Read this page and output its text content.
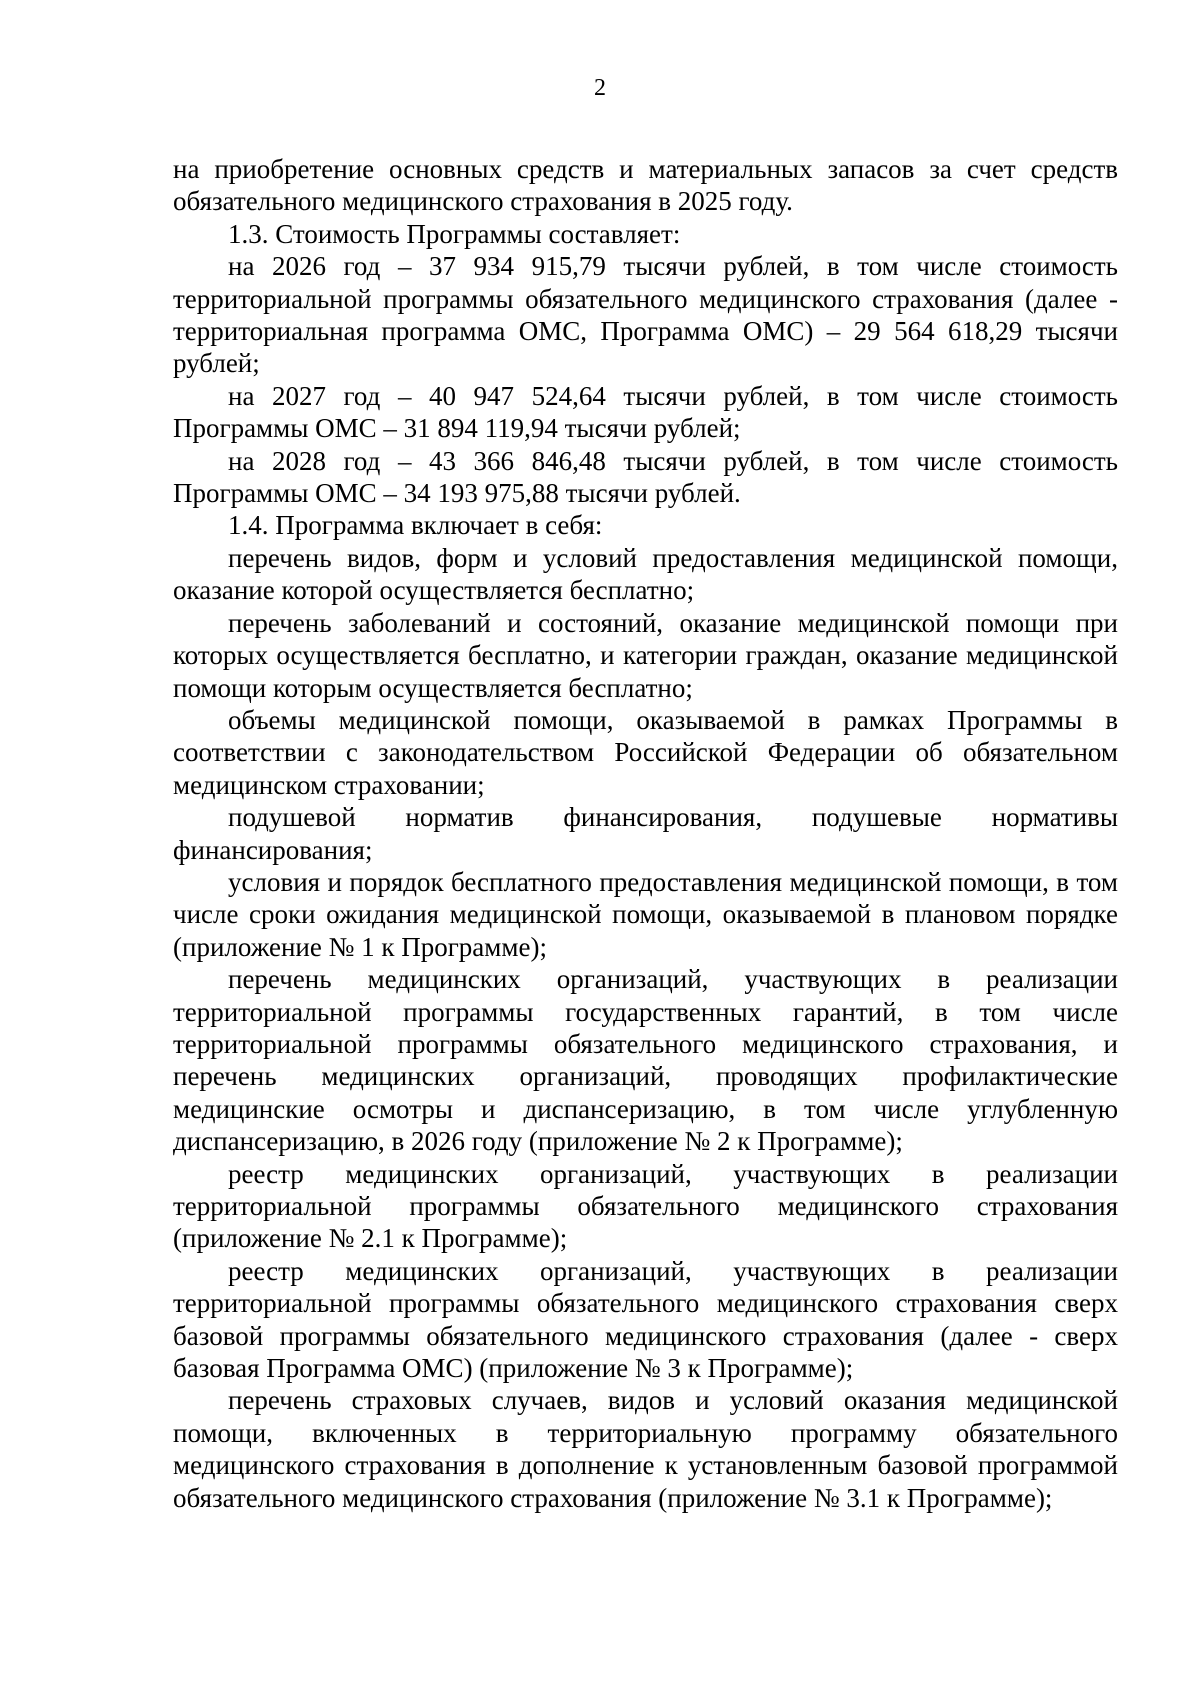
2

на приобретение основных средств и материальных запасов за счет средств обязательного медицинского страхования в 2025 году.

1.3. Стоимость Программы составляет:

на 2026 год – 37 934 915,79 тысячи рублей, в том числе стоимость территориальной программы обязательного медицинского страхования (далее - территориальная программа ОМС, Программа ОМС) – 29 564 618,29 тысячи рублей;

на 2027 год – 40 947 524,64 тысячи рублей, в том числе стоимость Программы ОМС – 31 894 119,94 тысячи рублей;

на 2028 год – 43 366 846,48 тысячи рублей, в том числе стоимость Программы ОМС – 34 193 975,88 тысячи рублей.

1.4. Программа включает в себя:

перечень видов, форм и условий предоставления медицинской помощи, оказание которой осуществляется бесплатно;

перечень заболеваний и состояний, оказание медицинской помощи при которых осуществляется бесплатно, и категории граждан, оказание медицинской помощи которым осуществляется бесплатно;

объемы медицинской помощи, оказываемой в рамках Программы в соответствии с законодательством Российской Федерации об обязательном медицинском страховании;

подушевой норматив финансирования, подушевые нормативы финансирования;

условия и порядок бесплатного предоставления медицинской помощи, в том числе сроки ожидания медицинской помощи, оказываемой в плановом порядке (приложение № 1 к Программе);

перечень медицинских организаций, участвующих в реализации территориальной программы государственных гарантий, в том числе территориальной программы обязательного медицинского страхования, и перечень медицинских организаций, проводящих профилактические медицинские осмотры и диспансеризацию, в том числе углубленную диспансеризацию, в 2026 году (приложение № 2 к Программе);

реестр медицинских организаций, участвующих в реализации территориальной программы обязательного медицинского страхования (приложение № 2.1 к Программе);

реестр медицинских организаций, участвующих в реализации территориальной программы обязательного медицинского страхования сверх базовой программы обязательного медицинского страхования (далее - сверх базовая Программа ОМС) (приложение № 3 к Программе);

перечень страховых случаев, видов и условий оказания медицинской помощи, включенных в территориальную программу обязательного медицинского страхования в дополнение к установленным базовой программой обязательного медицинского страхования (приложение № 3.1 к Программе);
